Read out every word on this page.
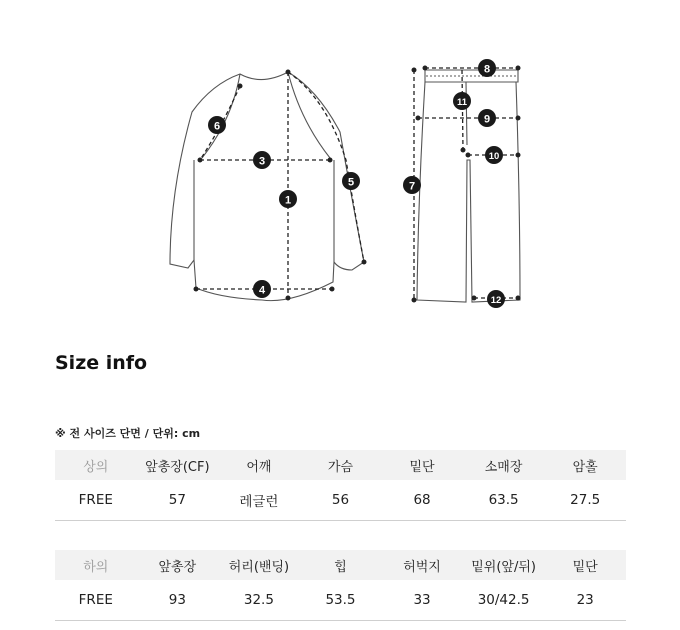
1
3
4
5
6
7
8
9
10
11
12
Size info
※ 전 사이즈 단면 / 단위: cm
상의	앞총장(CF)	어깨	가슴	밑단	소매장	암홀
FREE	57	레글런	56	68	63.5	27.5
하의	앞총장	허리(밴딩)	힙	허벅지	밑위(앞/뒤)	밑단
FREE	93	32.5	53.5	33	30/42.5	23
